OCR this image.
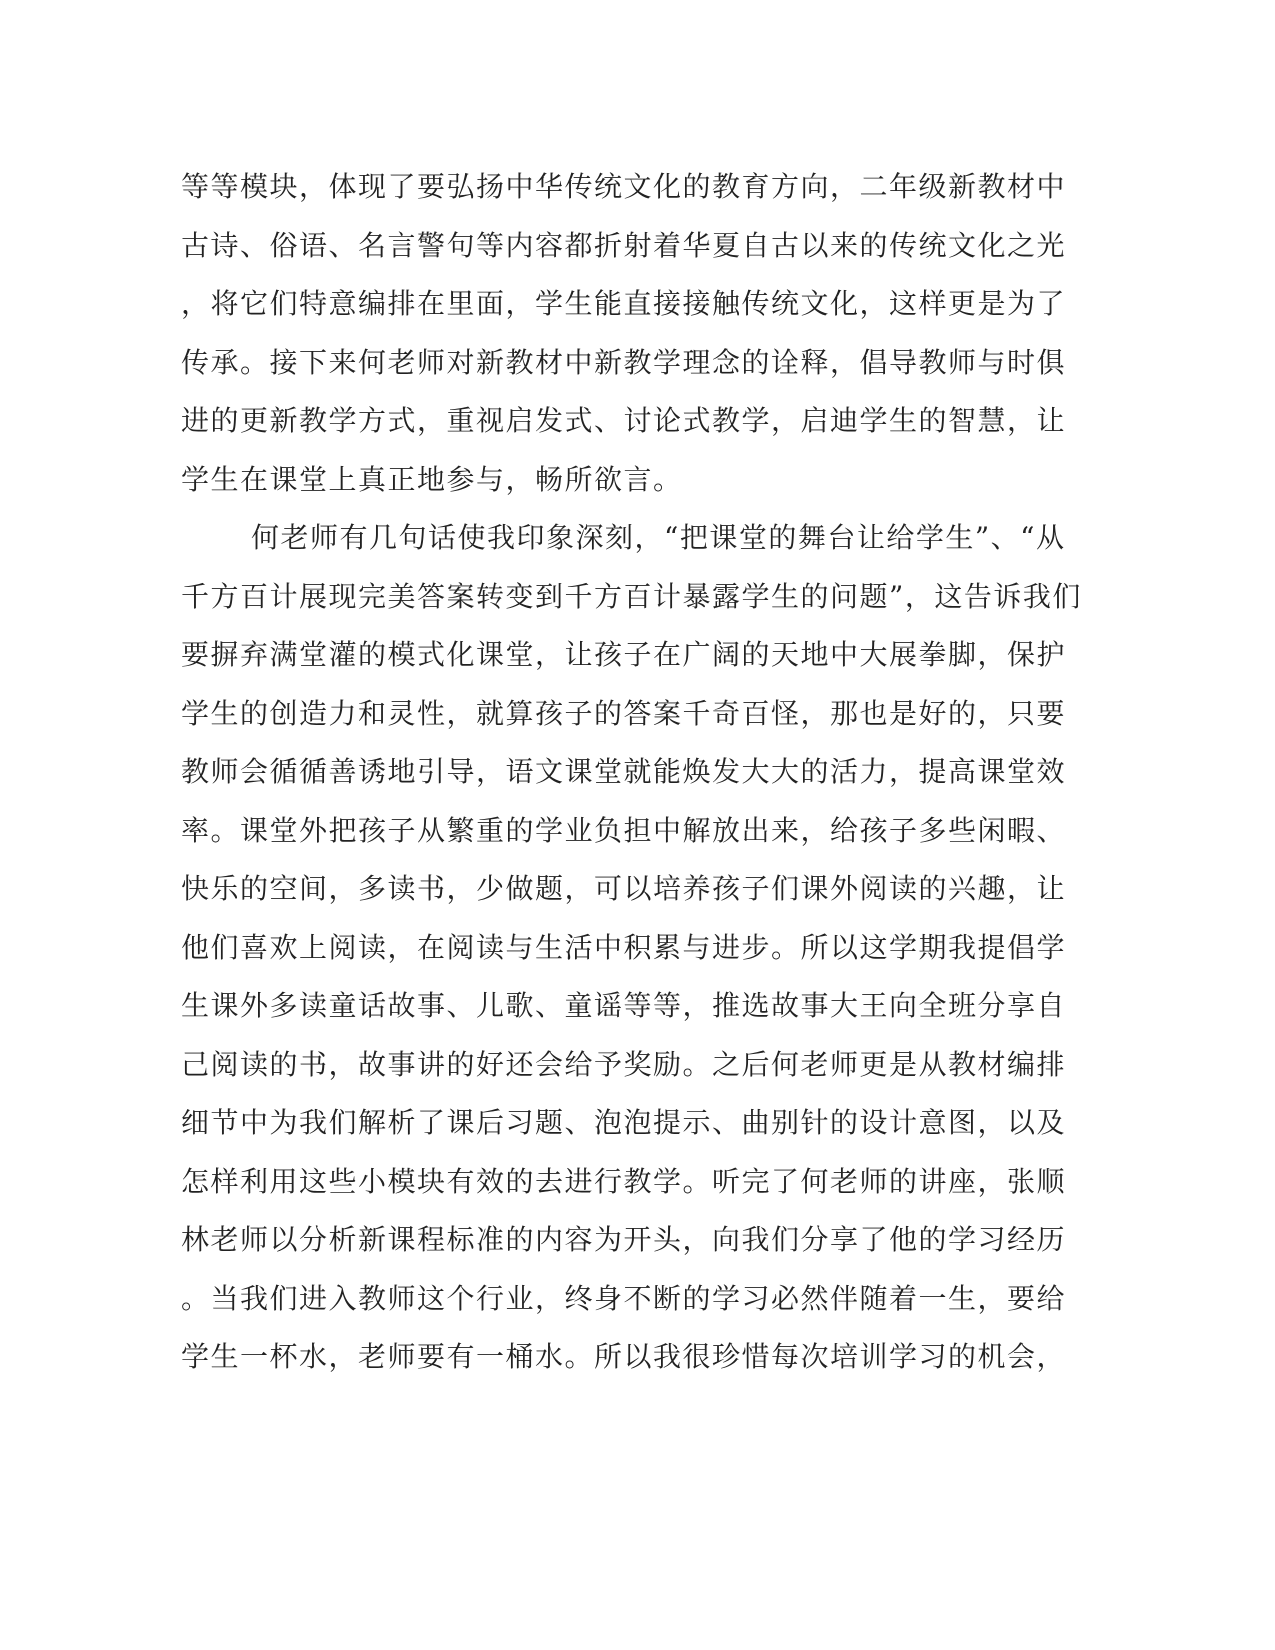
等等模块，体现了要弘扬中华传统文化的教育方向，二年级新教材中
古诗、俗语、名言警句等内容都折射着华夏自古以来的传统文化之光
，将它们特意编排在里面，学生能直接接触传统文化，这样更是为了
传承。接下来何老师对新教材中新教学理念的诠释，倡导教师与时俱
进的更新教学方式，重视启发式、讨论式教学，启迪学生的智慧，让
学生在课堂上真正地参与，畅所欲言。
何老师有几句话使我印象深刻，“把课堂的舞台让给学生”、“从
千方百计展现完美答案转变到千方百计暴露学生的问题”，这告诉我们
要摒弃满堂灌的模式化课堂，让孩子在广阔的天地中大展拳脚，保护
学生的创造力和灵性，就算孩子的答案千奇百怪，那也是好的，只要
教师会循循善诱地引导，语文课堂就能焕发大大的活力，提高课堂效
率。课堂外把孩子从繁重的学业负担中解放出来，给孩子多些闲暇、
快乐的空间，多读书，少做题，可以培养孩子们课外阅读的兴趣，让
他们喜欢上阅读，在阅读与生活中积累与进步。所以这学期我提倡学
生课外多读童话故事、儿歌、童谣等等，推选故事大王向全班分享自
己阅读的书，故事讲的好还会给予奖励。之后何老师更是从教材编排
细节中为我们解析了课后习题、泡泡提示、曲别针的设计意图，以及
怎样利用这些小模块有效的去进行教学。听完了何老师的讲座，张顺
林老师以分析新课程标准的内容为开头，向我们分享了他的学习经历
。当我们进入教师这个行业，终身不断的学习必然伴随着一生，要给
学生一杯水，老师要有一桶水。所以我很珍惜每次培训学习的机会，
